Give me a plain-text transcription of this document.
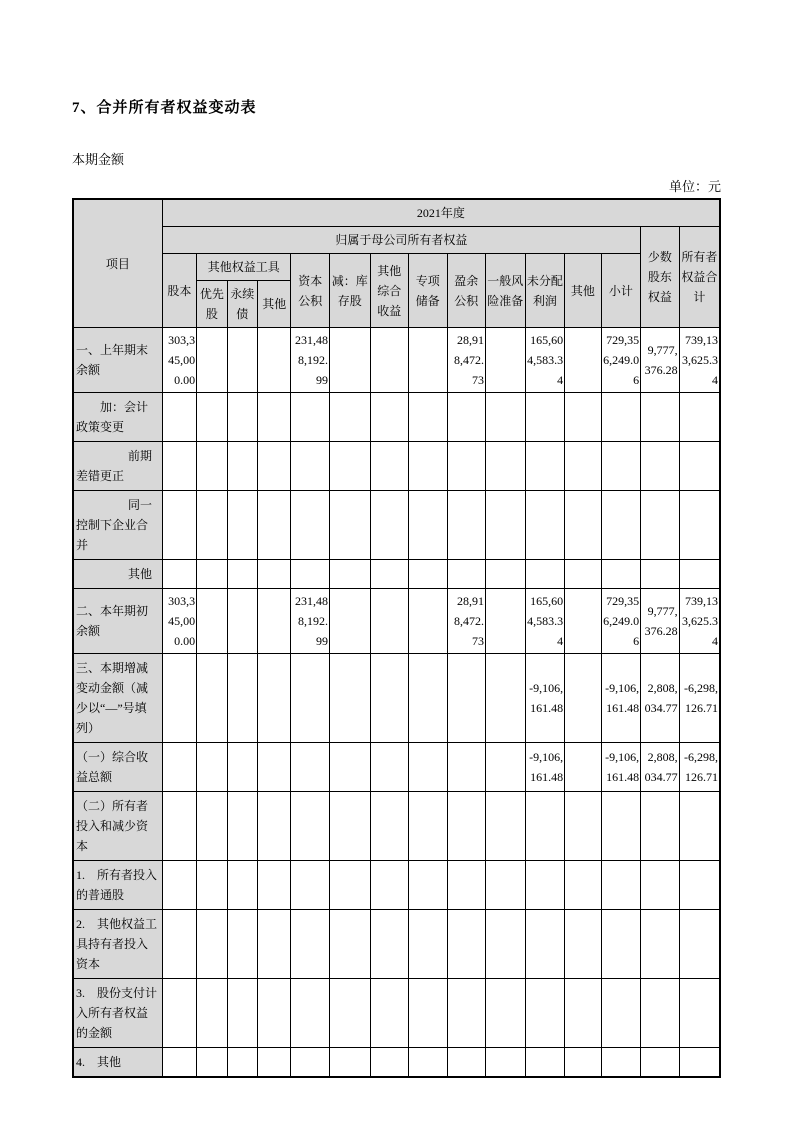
7、合并所有者权益变动表
本期金额
单位：元
项目	2021年度														
	归属于母公司所有者权益													少数股东权益	所有者权益合计
	股本	其他权益工具			资本公积	减：库存股	其他综合收益	专项储备	盈余公积	一般风险准备	未分配利润	其他	小计		
		优先股	永续债	其他											
一、上年期末余额	303,345,000.00				231,488,192.99				28,918,472.73		165,604,583.34		729,356,249.06	9,777,376.28	739,133,625.34
加：会计政策变更															
前期差错更正															
同一控制下企业合并															
其他															
二、本年期初余额	303,345,000.00				231,488,192.99				28,918,472.73		165,604,583.34		729,356,249.06	9,777,376.28	739,133,625.34
三、本期增减变动金额（减少以“—”号填列）											-9,106,161.48		-9,106,161.48	2,808,034.77	-6,298,126.71
（一）综合收益总额											-9,106,161.48		-9,106,161.48	2,808,034.77	-6,298,126.71
（二）所有者投入和减少资本															
1.　所有者投入的普通股															
2.　其他权益工具持有者投入资本															
3.　股份支付计入所有者权益的金额															
4.　其他															
